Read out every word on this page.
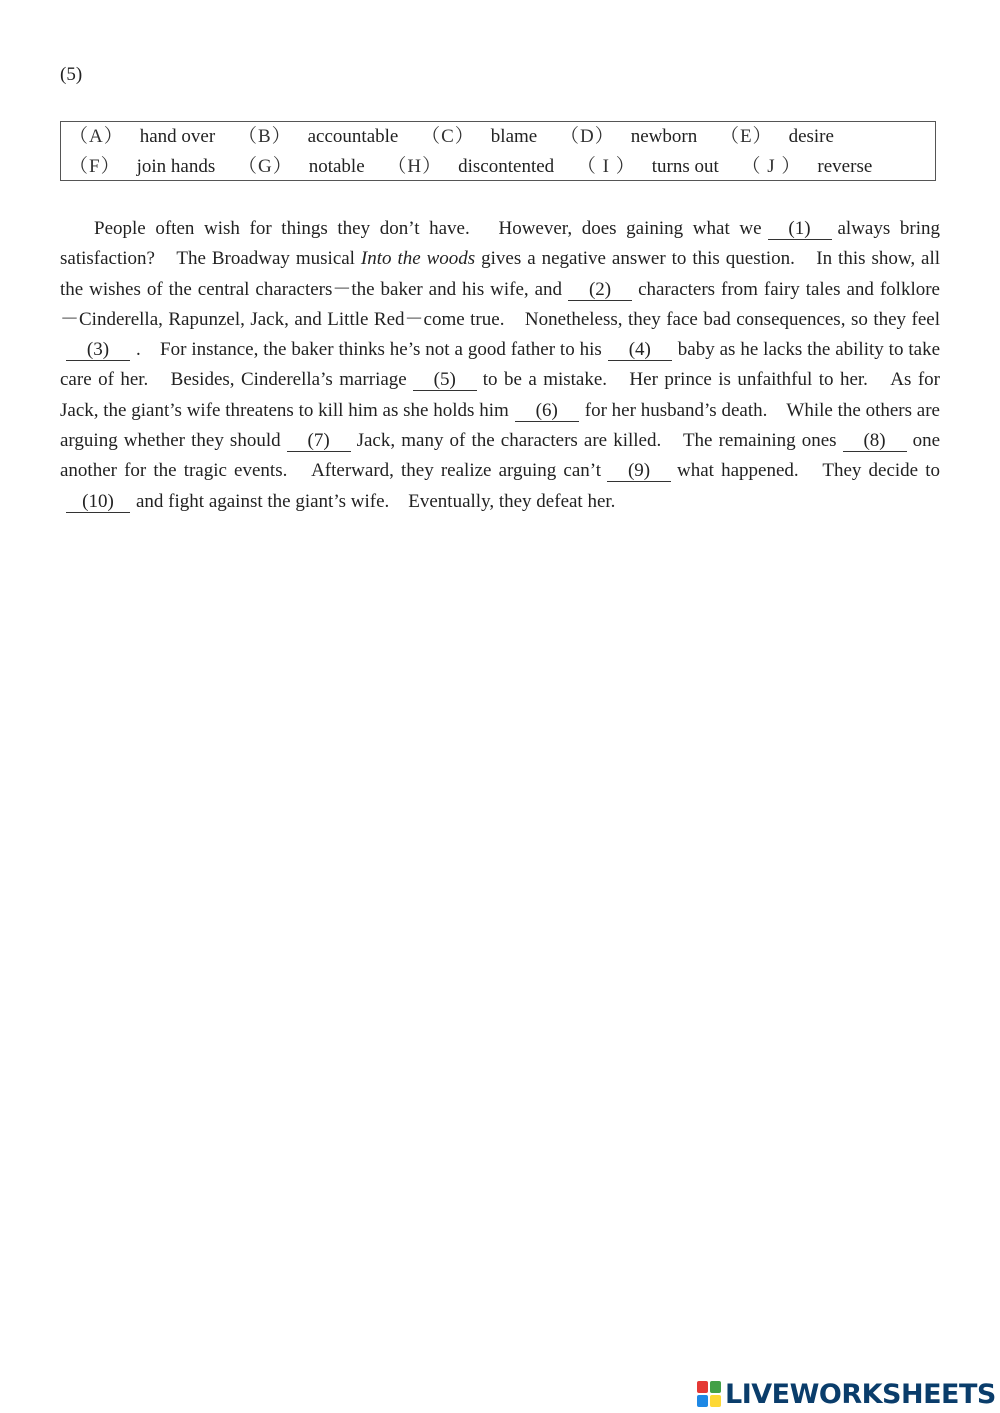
(5)
（A） hand over （B） accountable （C） blame （D） newborn （E） desire
（F） join hands （G） notable （H） discontented （ I ） turns out （ J ） reverse
People often wish for things they don’t have.　However, does gaining what we (1) always bring satisfaction?　The Broadway musical Into the woods gives a negative answer to this question.　In this show, all the wishes of the central characters－the baker and his wife, and (2) characters from fairy tales and folklore－Cinderella, Rapunzel, Jack, and Little Red－come true.　Nonetheless, they face bad consequences, so they feel(3) .　For instance, the baker thinks he’s not a good father to his (4) baby as he lacks the ability to take care of her.　Besides, Cinderella’s marriage (5) to be a mistake.　Her prince is unfaithful to her.　As for Jack, the giant’s wife threatens to kill him as she holds him (6) for her husband’s death.　While the others are arguing whether they should (7) Jack, many of the characters are killed.　The remaining ones (8) one another for the tragic events.　Afterward, they realize arguing can’t (9) what happened.　They decide to(10) and fight against the giant’s wife.　Eventually, they defeat her.
LIVEWORKSHEETS
